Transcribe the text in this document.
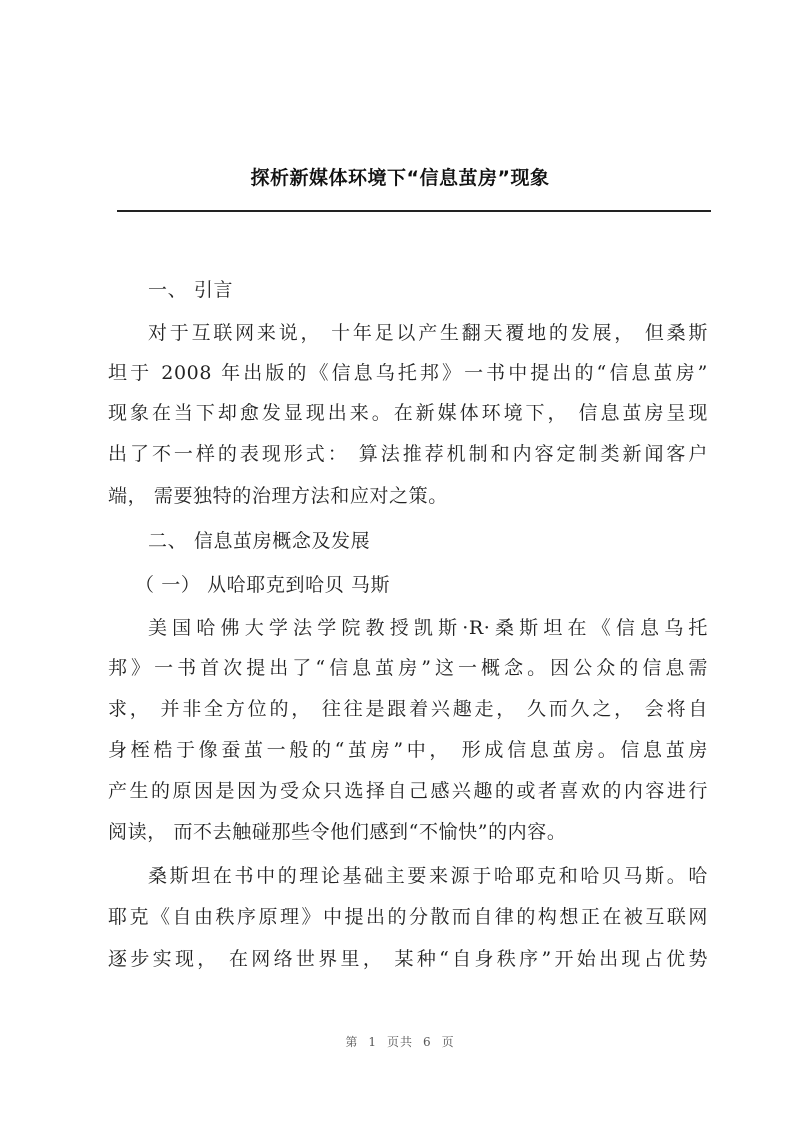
探析新媒体环境下“信息茧房”现象
一、 引言
对于互联网来说， 十年足以产生翻天覆地的发展， 但桑斯
坦于 2008 年出版的《信息乌托邦》一书中提出的“信息茧房”
现象在当下却愈发显现出来。在新媒体环境下， 信息茧房呈现
出了不一样的表现形式： 算法推荐机制和内容定制类新闻客户
端， 需要独特的治理方法和应对之策。
二、 信息茧房概念及发展
（ 一） 从哈耶克到哈贝 马斯
美国哈佛大学法学院教授凯斯·R·桑斯坦在《信息乌托
邦》一书首次提出了“信息茧房”这一概念。因公众的信息需
求， 并非全方位的， 往往是跟着兴趣走， 久而久之， 会将自
身桎梏于像蚕茧一般的“茧房”中， 形成信息茧房。信息茧房
产生的原因是因为受众只选择自己感兴趣的或者喜欢的内容进行
阅读， 而不去触碰那些令他们感到“不愉快”的内容。
桑斯坦在书中的理论基础主要来源于哈耶克和哈贝马斯。哈
耶克《自由秩序原理》中提出的分散而自律的构想正在被互联网
逐步实现， 在网络世界里， 某种“自身秩序”开始出现占优势
第 1 页共 6 页
